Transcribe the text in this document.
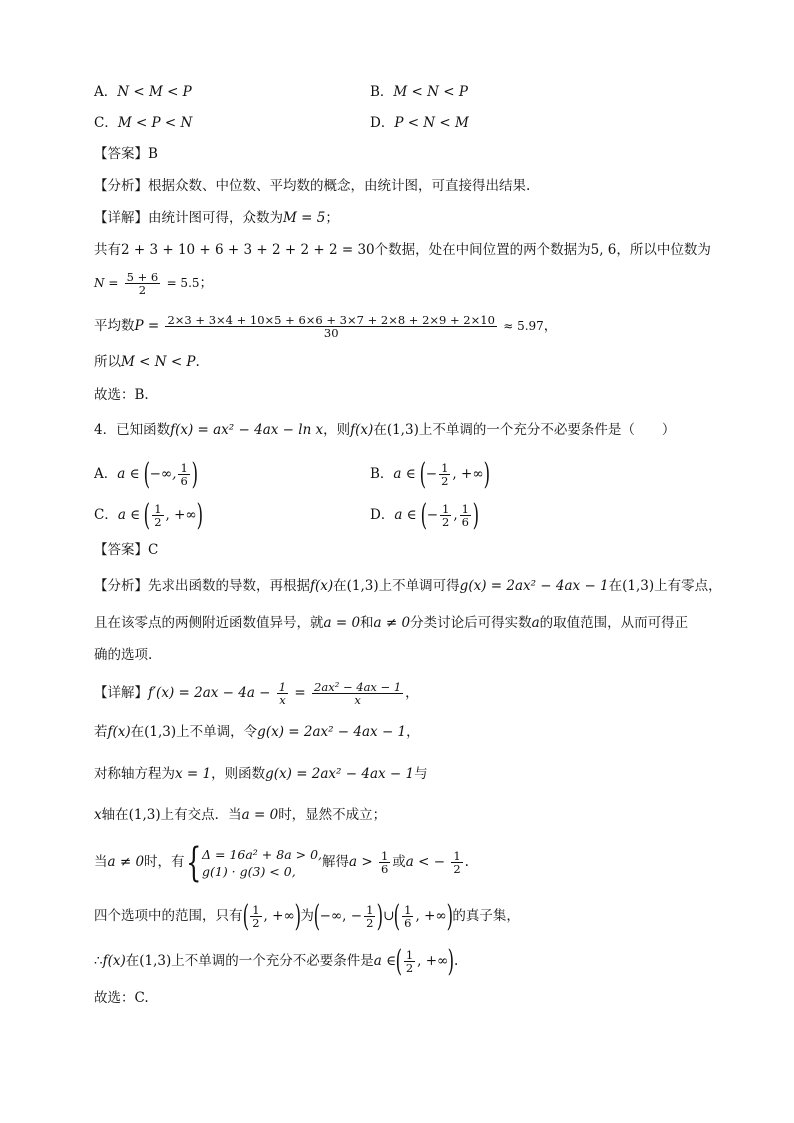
A．N < M < P	B．M < N < P
C．M < P < N	D．P < N < M
【答案】B
【分析】根据众数、中位数、平均数的概念，由统计图，可直接得出结果.
【详解】由统计图可得，众数为M = 5；
共有2 + 3 + 10 + 6 + 3 + 2 + 2 + 2 = 30个数据，处在中间位置的两个数据为5, 6，所以中位数为
$N = \frac{5 + 6}{2} = 5.5$；
平均数$P = \frac{2\times 3 + 3\times 4 + 10\times 5 + 6\times 6 + 3\times 7 + 2\times 8 + 2\times 9 + 2\times 10}{30} \approx 5.97$，
所以M < N < P.
故选：B.
4．已知函数f(x) = ax² − 4ax − ln x，则f(x)在(1,3)上不单调的一个充分不必要条件是（　　）
A．a ∈ (−∞, $\frac{1}{6}$ )	B．a ∈ (− $\frac{1}{2}$ , +∞)
C．a ∈ ( $\frac{1}{2}$ , +∞)	D．a ∈ (− $\frac{1}{2}$ , $\frac{1}{6}$ )
【答案】C
【分析】先求出函数的导数，再根据f(x)在(1,3)上不单调可得g(x) = 2ax² − 4ax − 1在(1,3)上有零点，
且在该零点的两侧附近函数值异号，就a = 0和a ≠ 0分类讨论后可得实数a的取值范围，从而可得正
确的选项.
【详解】$f'(x) = 2ax - 4a - \frac{1}{x} = \frac{\text{2ax² − 4ax − 1}}{x}$ ，
若f(x)在(1,3)上不单调，令g(x) = 2ax² − 4ax − 1，
对称轴方程为x = 1，则函数g(x) = 2ax² − 4ax − 1与
x轴在(1,3)上有交点．当a = 0时，显然不成立；
当a ≠ 0时，有{ Δ = 16a² + 8a > 0,
g(1) · g(3) < 0,
解得$a > \frac{1}{6}$ 或a < − $\frac{1}{2}$ .
四个选项中的范围，只有( $\frac{1}{2}$ , +∞)为(−∞, − $\frac{1}{2}$ )∪( $\frac{1}{6}$ , +∞)的真子集，
∴f(x)在(1,3)上不单调的一个充分不必要条件是a ∈( $\frac{1}{2}$ , +∞).
故选：C.
